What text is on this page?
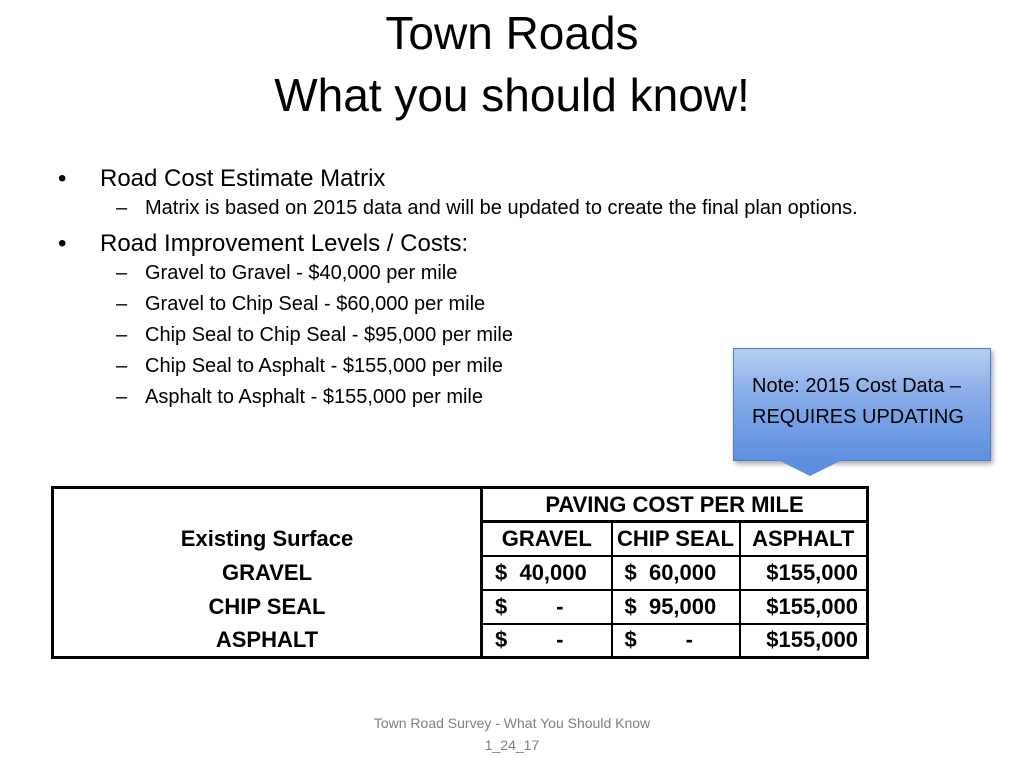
Town Roads
What you should know!
• Road Cost Estimate Matrix
– Matrix is based on 2015 data and will be updated to create the final plan options.
• Road Improvement Levels / Costs:
– Gravel to Gravel - $40,000 per mile
– Gravel to Chip Seal - $60,000 per mile
– Chip Seal to Chip Seal - $95,000 per mile
– Chip Seal to Asphalt - $155,000 per mile
– Asphalt to Asphalt - $155,000 per mile	Note: 2015 Cost Data –
REQUIRES UPDATING
	PAVING COST PER MILE		
Existing Surface	GRAVEL	CHIP SEAL	ASPHALT
GRAVEL	$  40,000	$  60,000	$155,000
CHIP SEAL	$        -	$  95,000	$155,000
ASPHALT	$        -	$        -	$155,000
Town Road Survey - What You Should Know
1_24_17
